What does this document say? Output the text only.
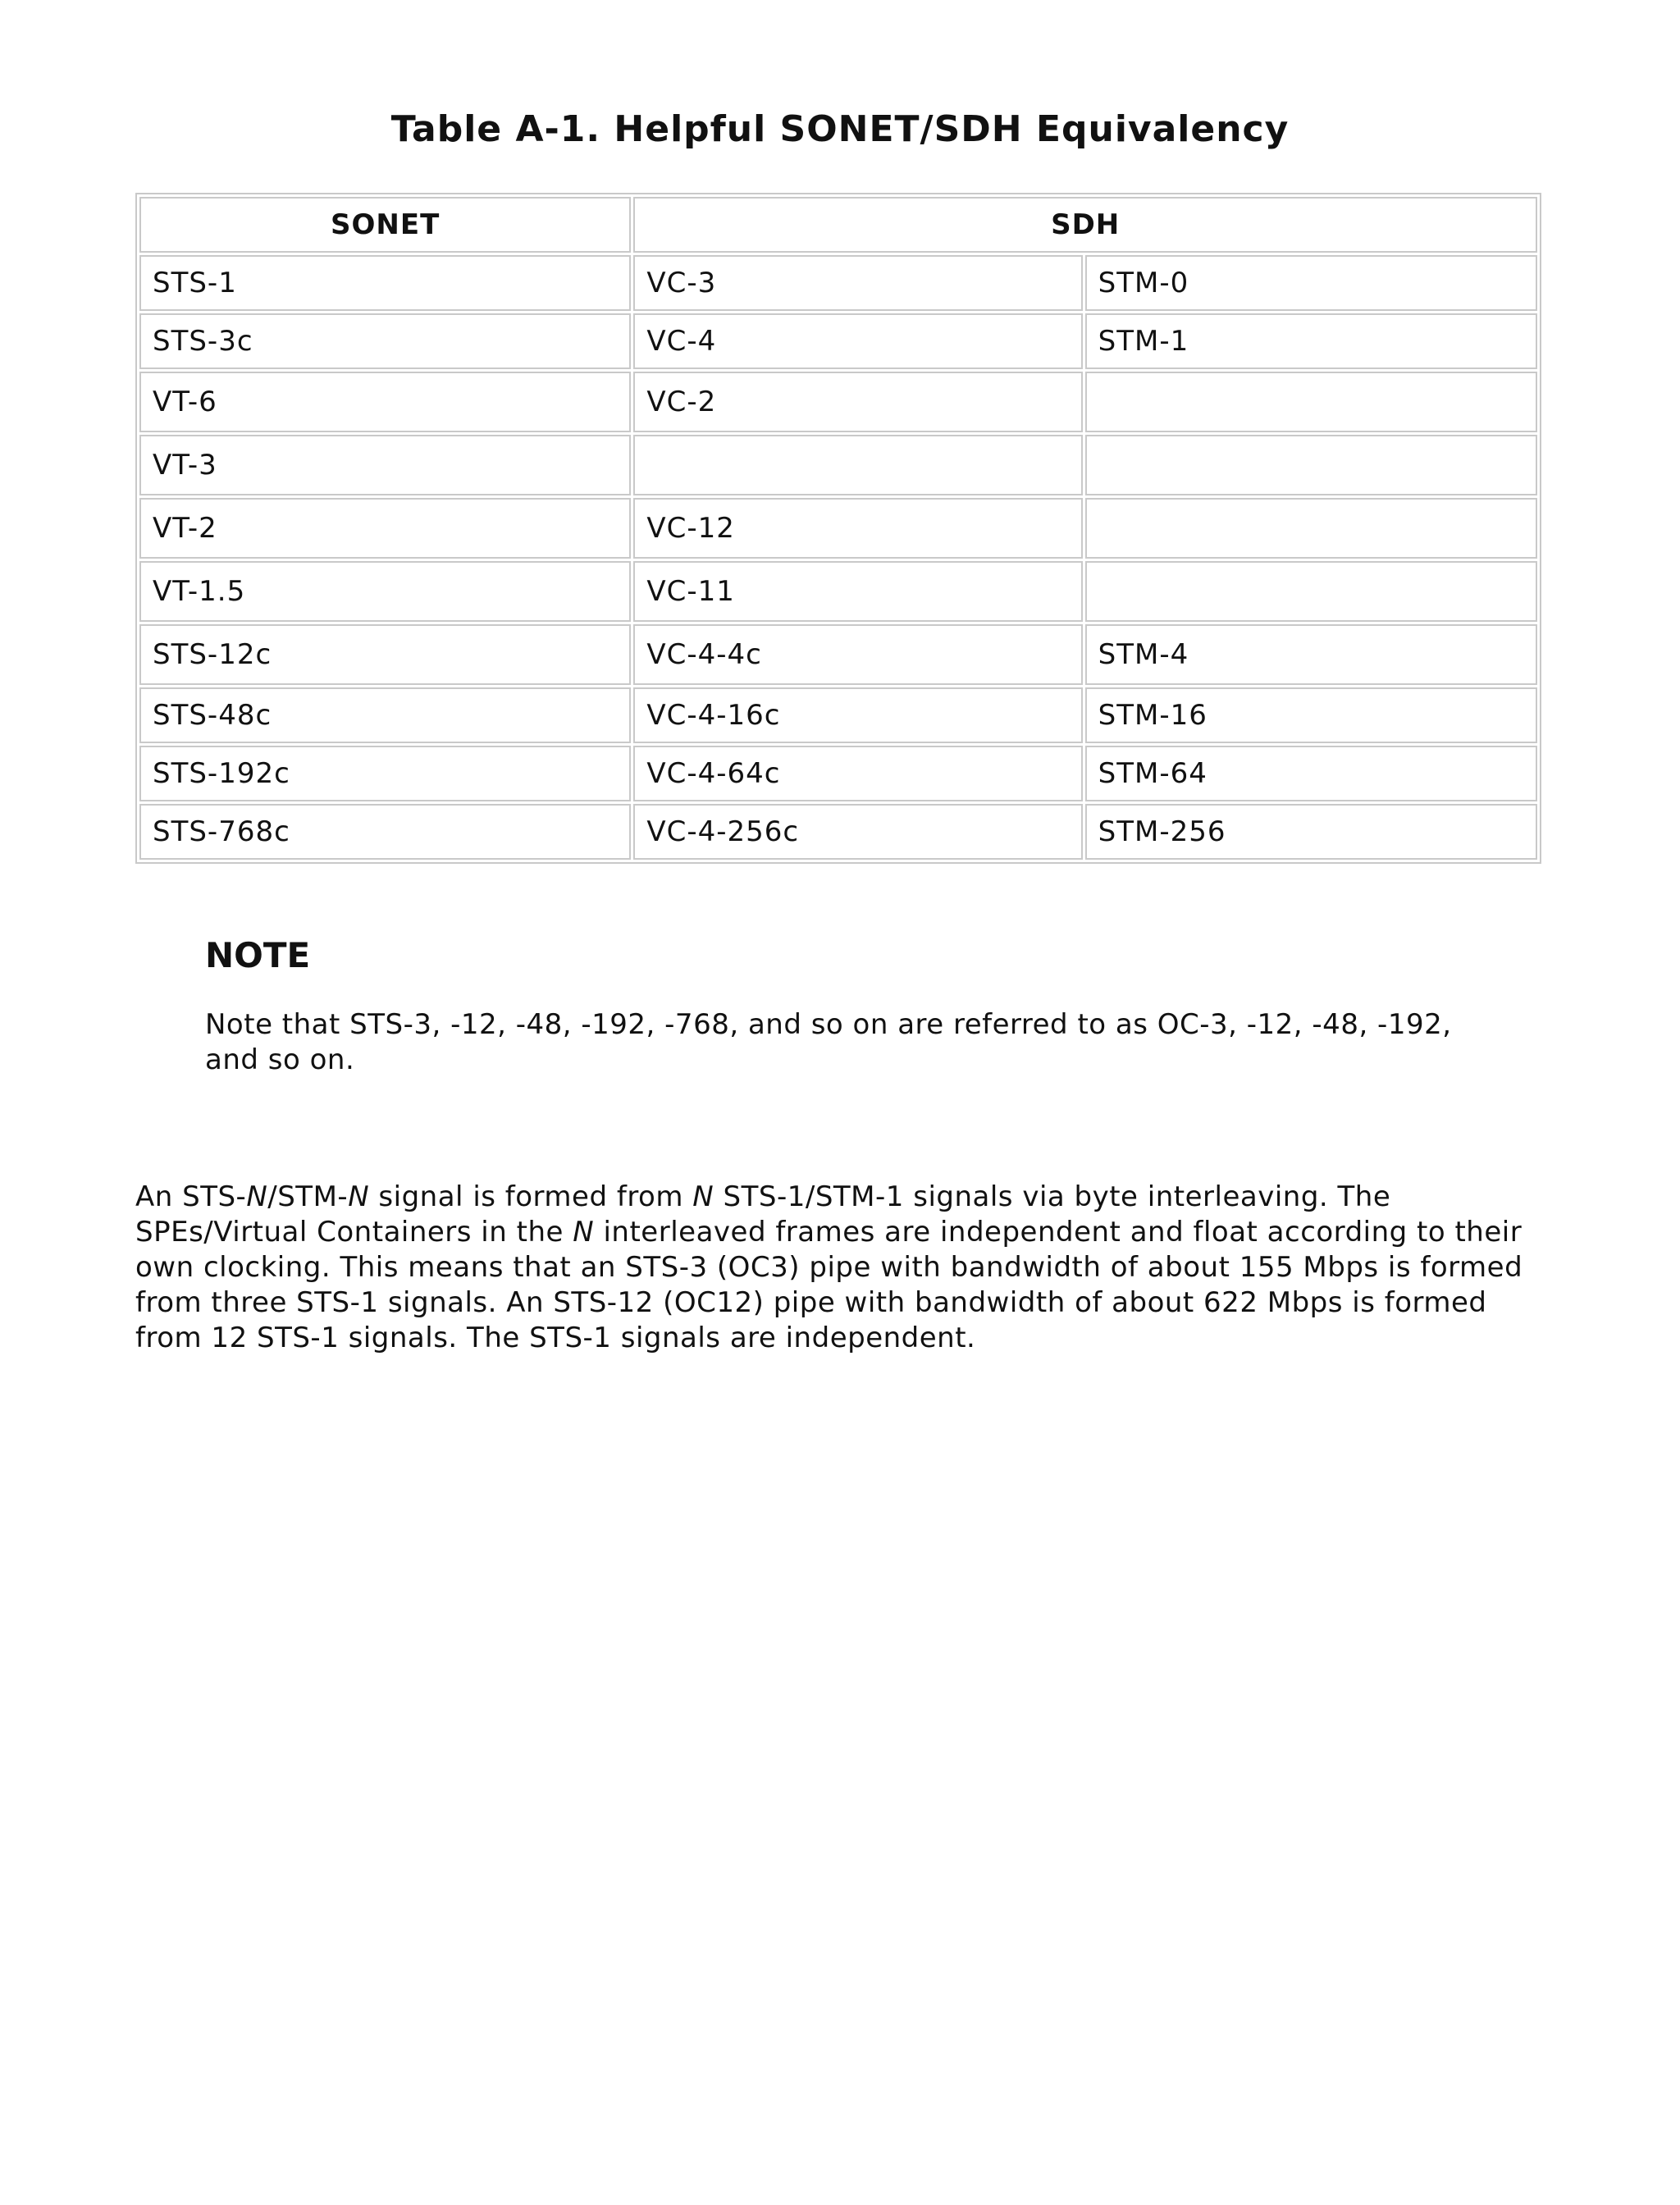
Table A-1. Helpful SONET/SDH Equivalency
SONET	SDH	
STS-1	VC-3	STM-0
STS-3c	VC-4	STM-1
VT-6	VC-2	
VT-3		
VT-2	VC-12	
VT-1.5	VC-11	
STS-12c	VC-4-4c	STM-4
STS-48c	VC-4-16c	STM-16
STS-192c	VC-4-64c	STM-64
STS-768c	VC-4-256c	STM-256
NOTE

Note that STS-3, -12, -48, -192, -768, and so on are referred to as OC-3, -12, -48, -192, and so on.

An STS-N/STM-N signal is formed from N STS-1/STM-1 signals via byte interleaving. The SPEs/Virtual Containers in the N interleaved frames are independent and float according to their own clocking. This means that an STS-3 (OC3) pipe with bandwidth of about 155 Mbps is formed from three STS-1 signals. An STS-12 (OC12) pipe with bandwidth of about 622 Mbps is formed from 12 STS-1 signals. The STS-1 signals are independent.
